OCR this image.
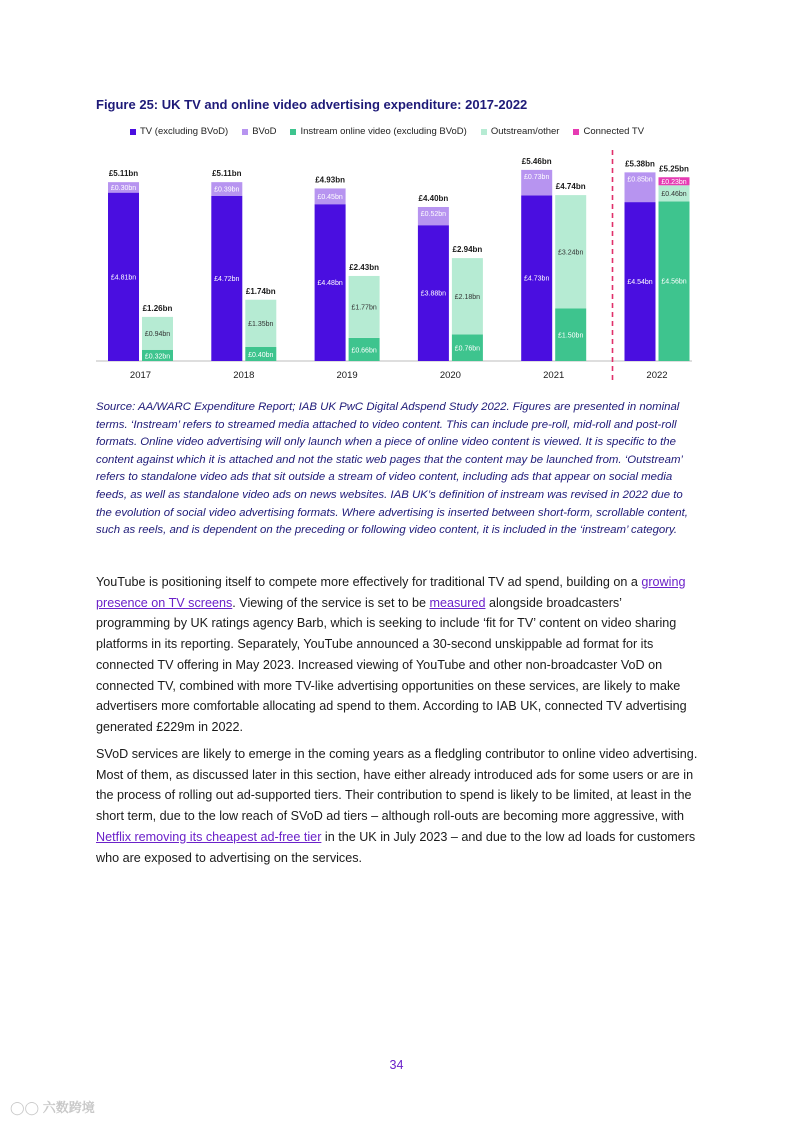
Figure 25: UK TV and online video advertising expenditure: 2017-2022
TV (excluding BVoD)	BVoD	Instream online video (excluding BVoD)	Outstream/other	Connected TV
£4.81bn
£0.30bn
£5.11bn
£0.32bn
£0.94bn
£1.26bn
2017
£4.72bn
£0.39bn
£5.11bn
£0.40bn
£1.35bn
£1.74bn
2018
£4.48bn
£0.45bn
£4.93bn
£0.66bn
£1.77bn
£2.43bn
2019
£3.88bn
£0.52bn
£4.40bn
£0.76bn
£2.18bn
£2.94bn
2020
£4.73bn
£0.73bn
£5.46bn
£1.50bn
£3.24bn
£4.74bn
2021
£4.54bn
£0.85bn
£5.38bn
£4.56bn
£0.46bn
£0.23bn
£5.25bn
2022
Source: AA/WARC Expenditure Report; IAB UK PwC Digital Adspend Study 2022. Figures are presented in nominal terms. ‘Instream’ refers to streamed media attached to video content. This can include pre-roll, mid-roll and post-roll formats. Online video advertising will only launch when a piece of online video content is viewed. It is specific to the content against which it is attached and not the static web pages that the content may be launched from. ‘Outstream’ refers to standalone video ads that sit outside a stream of video content, including ads that appear on social media feeds, as well as standalone video ads on news websites. IAB UK’s definition of instream was revised in 2022 due to the evolution of social video advertising formats. Where advertising is inserted between short-form, scrollable content, such as reels, and is dependent on the preceding or following video content, it is included in the ‘instream’ category.
YouTube is positioning itself to compete more effectively for traditional TV ad spend, building on a growing presence on TV screens. Viewing of the service is set to be measured alongside broadcasters’ programming by UK ratings agency Barb, which is seeking to include ‘fit for TV’ content on video sharing platforms in its reporting. Separately, YouTube announced a 30-second unskippable ad format for its connected TV offering in May 2023. Increased viewing of YouTube and other non-broadcaster VoD on connected TV, combined with more TV-like advertising opportunities on these services, are likely to make advertisers more comfortable allocating ad spend to them. According to IAB UK, connected TV advertising generated £229m in 2022.
SVoD services are likely to emerge in the coming years as a fledgling contributor to online video advertising. Most of them, as discussed later in this section, have either already introduced ads for some users or are in the process of rolling out ad-supported tiers. Their contribution to spend is likely to be limited, at least in the short term, due to the low reach of SVoD ad tiers – although roll-outs are becoming more aggressive, with Netflix removing its cheapest ad-free tier in the UK in July 2023 – and due to the low ad loads for customers who are exposed to advertising on the services.
34
◯◯ 六数跨境
